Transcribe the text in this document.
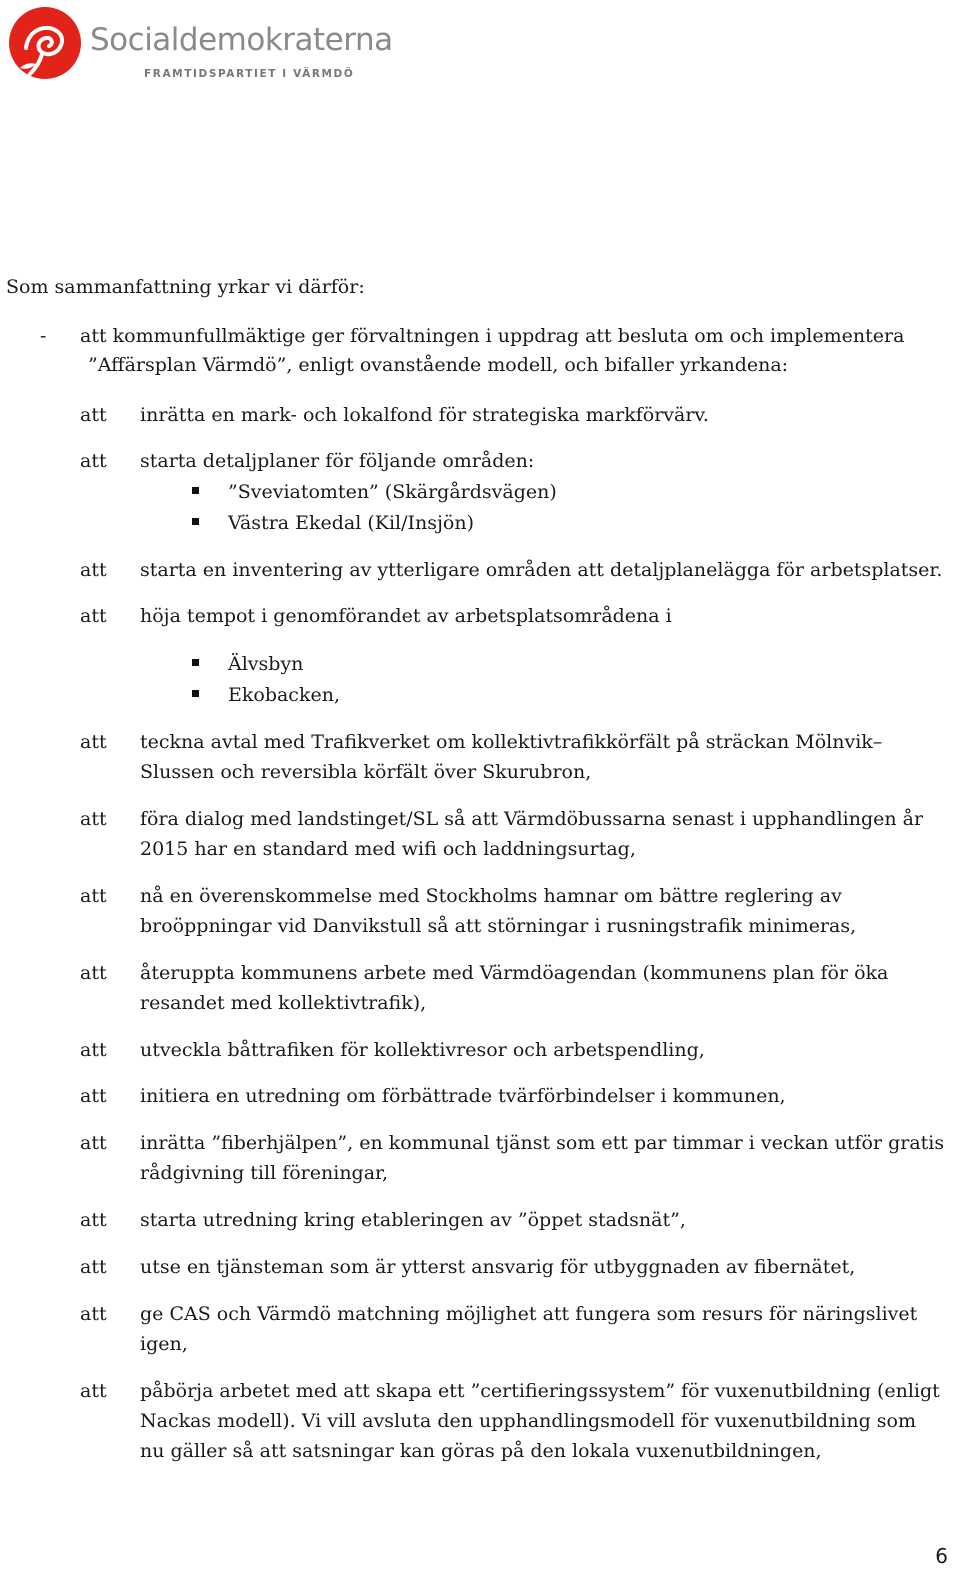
Socialdemokraterna
FRAMTIDSPARTIET I VÄRMDÖ
Som sammanfattning yrkar vi därför:
- att kommunfullmäktige ger förvaltningen i uppdrag att besluta om och implementera
”Affärsplan Värmdö”, enligt ovanstående modell, och bifaller yrkandena:
att inrätta en mark- och lokalfond för strategiska markförvärv.
att starta detaljplaner för följande områden:
”Sveviatomten” (Skärgårdsvägen)
Västra Ekedal (Kil/Insjön)
att starta en inventering av ytterligare områden att detaljplanelägga för arbetsplatser.
att höja tempot i genomförandet av arbetsplatsområdena i
Älvsbyn
Ekobacken,
att teckna avtal med Trafikverket om kollektivtrafikkörfält på sträckan Mölnvik–
Slussen och reversibla körfält över Skurubron,
att föra dialog med landstinget/SL så att Värmdöbussarna senast i upphandlingen år
2015 har en standard med wifi och laddningsurtag,
att nå en överenskommelse med Stockholms hamnar om bättre reglering av
broöppningar vid Danvikstull så att störningar i rusningstrafik minimeras,
att återuppta kommunens arbete med Värmdöagendan (kommunens plan för öka
resandet med kollektivtrafik),
att utveckla båttrafiken för kollektivresor och arbetspendling,
att initiera en utredning om förbättrade tvärförbindelser i kommunen,
att inrätta ”fiberhjälpen”, en kommunal tjänst som ett par timmar i veckan utför gratis
rådgivning till föreningar,
att starta utredning kring etableringen av ”öppet stadsnät”,
att utse en tjänsteman som är ytterst ansvarig för utbyggnaden av fibernätet,
att ge CAS och Värmdö matchning möjlighet att fungera som resurs för näringslivet
igen,
att påbörja arbetet med att skapa ett ”certifieringssystem” för vuxenutbildning (enligt
Nackas modell). Vi vill avsluta den upphandlingsmodell för vuxenutbildning som
nu gäller så att satsningar kan göras på den lokala vuxenutbildningen,
6
